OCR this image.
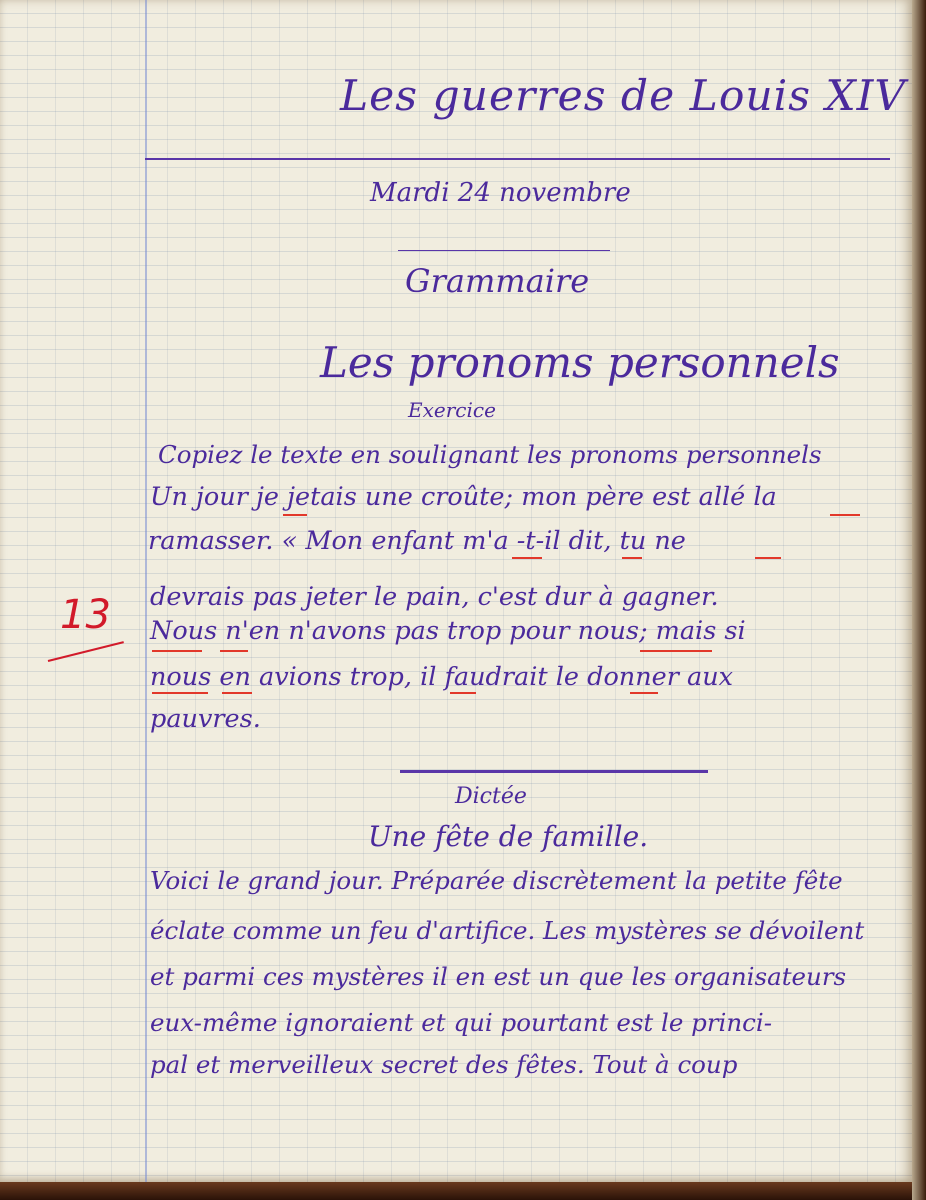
Les guerres de Louis XIV
Mardi 24 novembre
Grammaire
Les pronoms personnels
Exercice
Copiez le texte en soulignant les pronoms personnels
Un jour je jetais une croûte; mon père est allé la
ramasser. « Mon enfant m'a -t-il dit, tu ne
devrais pas jeter le pain, c'est dur à gagner.
Nous n'en n'avons pas trop pour nous; mais si
nous en avions trop, il faudrait le donner aux
pauvres.
13
Dictée
Une fête de famille.
Voici le grand jour. Préparée discrètement la petite fête
éclate comme un feu d'artifice. Les mystères se dévoilent
et parmi ces mystères il en est un que les organisateurs
eux-même ignoraient et qui pourtant est le princi-
pal et merveilleux secret des fêtes. Tout à coup
